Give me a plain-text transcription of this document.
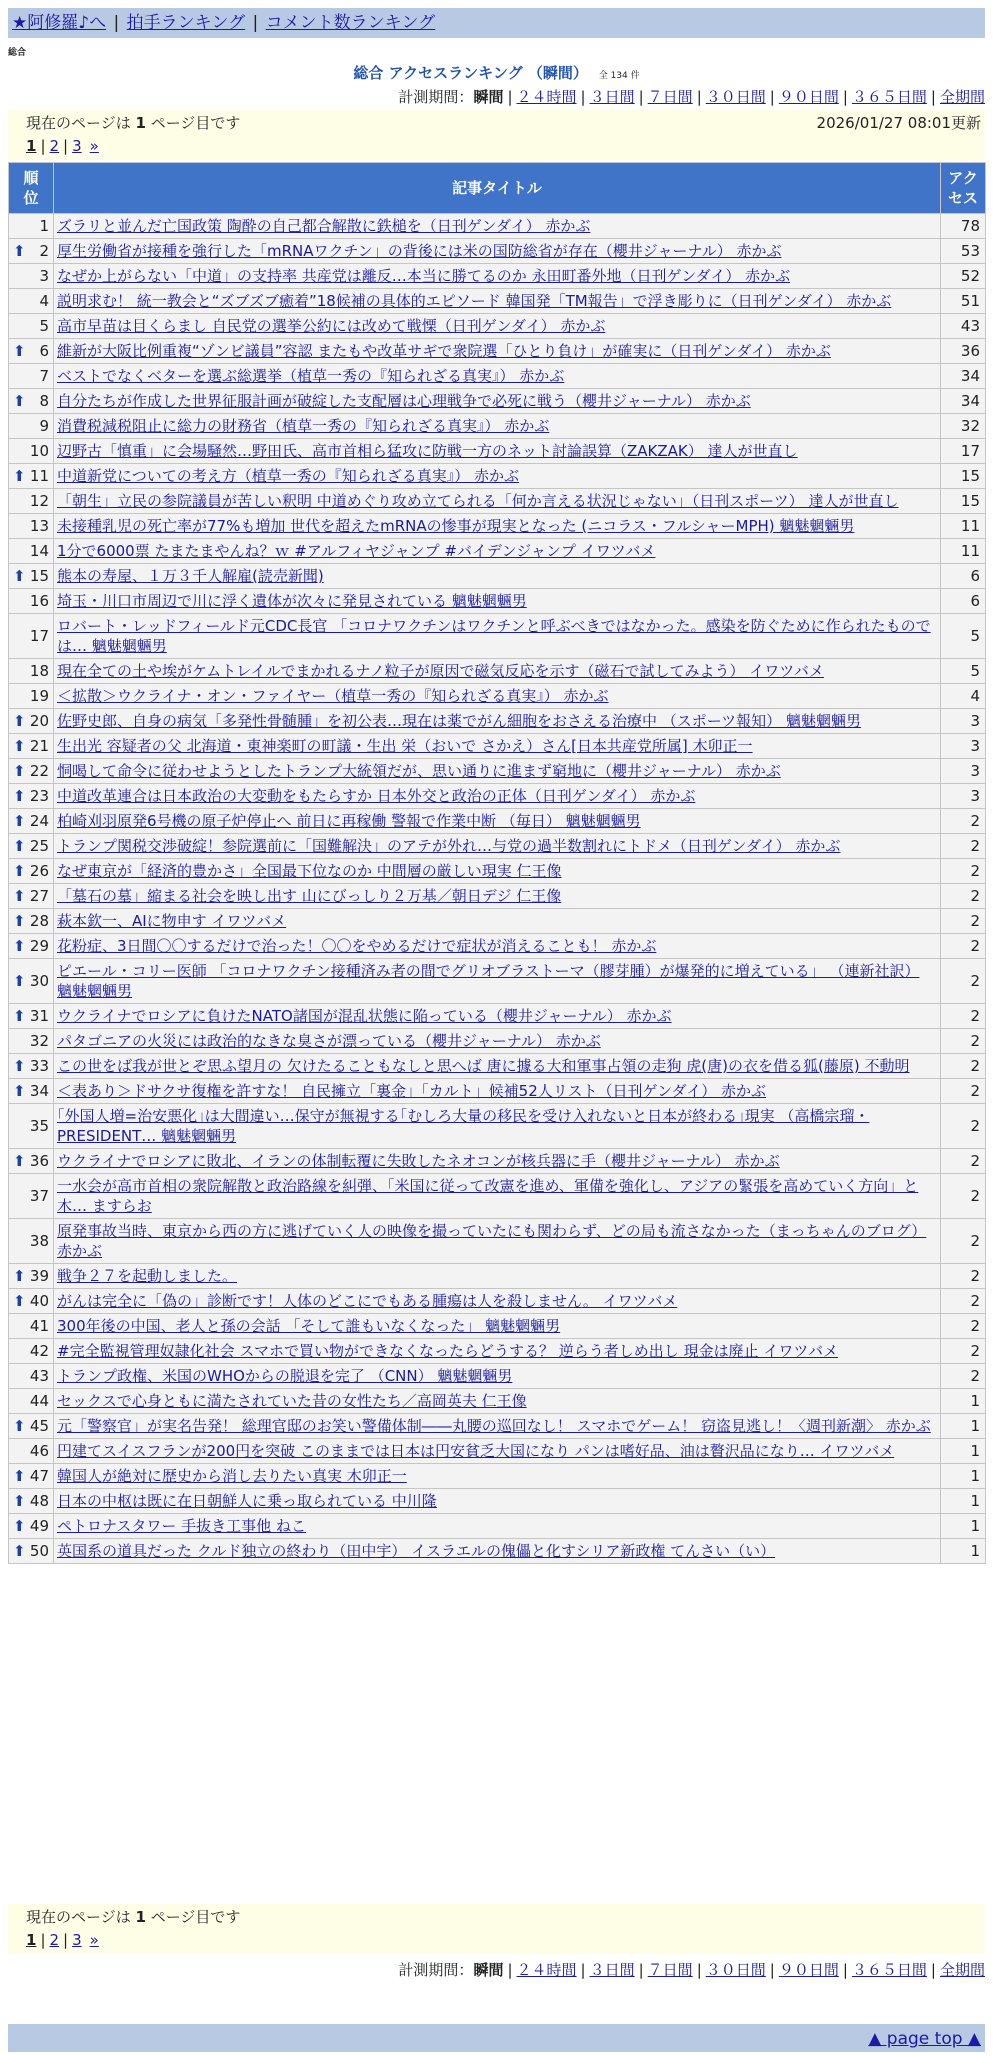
★阿修羅♪へ | 拍手ランキング | コメント数ランキング
総合
総合 アクセスランキング （瞬間） 全 134 件
計測期間：瞬間 | ２４時間 | ３日間 | ７日間 | ３０日間 | ９０日間 | ３６５日間 | 全期間
現在のページは 1 ページ目です	2026/01/27 08:01更新
1 | 2 | 3 »
順位	記事タイトル	アクセス
1	ズラリと並んだ亡国政策 陶酔の自己都合解散に鉄槌を（日刊ゲンダイ） 赤かぶ	78

⬆ 2	厚生労働省が接種を強行した「mRNAワクチン」の背後には米の国防総省が存在（櫻井ジャーナル） 赤かぶ	53
3	なぜか上がらない「中道」の支持率 共産党は離反…本当に勝てるのか 永田町番外地（日刊ゲンダイ） 赤かぶ	52
4	説明求む！ 統一教会と“ズブズブ癒着”18候補の具体的エピソード 韓国発「TM報告」で浮き彫りに（日刊ゲンダイ） 赤かぶ	51
5	高市早苗は目くらまし 自民党の選挙公約には改めて戦慄（日刊ゲンダイ） 赤かぶ	43

⬆ 6	維新が大阪比例重複“ゾンビ議員”容認 またもや改革サギで衆院選「ひとり負け」が確実に（日刊ゲンダイ） 赤かぶ	36
7	ベストでなくベターを選ぶ総選挙（植草一秀の『知られざる真実』） 赤かぶ	34

⬆ 8	自分たちが作成した世界征服計画が破綻した支配層は心理戦争で必死に戦う（櫻井ジャーナル） 赤かぶ	34
9	消費税減税阻止に総力の財務省（植草一秀の『知られざる真実』） 赤かぶ	32
10	辺野古「慎重」に会場騒然…野田氏、高市首相ら猛攻に防戦一方のネット討論誤算（ZAKZAK） 達人が世直し	17

⬆ 11	中道新党についての考え方（植草一秀の『知られざる真実』） 赤かぶ	15
12	「朝生」立民の参院議員が苦しい釈明 中道めぐり攻め立てられる「何か言える状況じゃない」（日刊スポーツ） 達人が世直し	15
13	未接種乳児の死亡率が77%も増加 世代を超えたmRNAの惨事が現実となった (ニコラス・フルシャーMPH) 魑魅魍魎男	11
14	1分で6000票 たまたまやんね？ｗ #アルフィヤジャンプ #バイデンジャンプ イワツバメ	11

⬆ 15	熊本の寿屋、１万３千人解雇(読売新聞)	6
16	埼玉・川口市周辺で川に浮く遺体が次々に発見されている 魑魅魍魎男	6
17	ロバート・レッドフィールド元CDC長官 「コロナワクチンはワクチンと呼ぶべきではなかった。感染を防ぐために作られたものでは… 魑魅魍魎男	5
18	現在全ての土や埃がケムトレイルでまかれるナノ粒子が原因で磁気反応を示す（磁石で試してみよう） イワツバメ	5
19	＜拡散＞ウクライナ・オン・ファイヤー（植草一秀の『知られざる真実』） 赤かぶ	4

⬆ 20	佐野史郎、自身の病気「多発性骨髄腫」を初公表…現在は薬でがん細胞をおさえる治療中 （スポーツ報知） 魑魅魍魎男	3

⬆ 21	生出光 容疑者の父 北海道・東神楽町の町議・生出 栄（おいで さかえ）さん[日本共産党所属] 木卯正一	3

⬆ 22	恫喝して命令に従わせようとしたトランプ大統領だが、思い通りに進まず窮地に（櫻井ジャーナル） 赤かぶ	3

⬆ 23	中道改革連合は日本政治の大変動をもたらすか 日本外交と政治の正体（日刊ゲンダイ） 赤かぶ	3

⬆ 24	柏崎刈羽原発6号機の原子炉停止へ 前日に再稼働 警報で作業中断 （毎日） 魑魅魍魎男	2

⬆ 25	トランプ関税交渉破綻！参院選前に「国難解決」のアテが外れ…与党の過半数割れにトドメ（日刊ゲンダイ） 赤かぶ	2

⬆ 26	なぜ東京が「経済的豊かさ」全国最下位なのか 中間層の厳しい現実 仁王像	2

⬆ 27	「墓石の墓」縮まる社会を映し出す 山にびっしり２万基／朝日デジ 仁王像	2

⬆ 28	萩本欽一、AIに物申す イワツバメ	2

⬆ 29	花粉症、3日間〇〇するだけで治った！〇〇をやめるだけで症状が消えることも！ 赤かぶ	2

⬆ 30	ピエール・コリー医師 「コロナワクチン接種済み者の間でグリオブラストーマ（膠芽腫）が爆発的に増えている」 （連新社訳） 魑魅魍魎男	2

⬆ 31	ウクライナでロシアに負けたNATO諸国が混乱状態に陥っている（櫻井ジャーナル） 赤かぶ	2
32	パタゴニアの火災には政治的なきな臭さが漂っている（櫻井ジャーナル） 赤かぶ	2

⬆ 33	この世をば我が世とぞ思ふ望月の 欠けたることもなしと思へば 唐に據る大和軍事占領の走狗 虎(唐)の衣を借る狐(藤原) 不動明	2

⬆ 34	＜表あり＞ドサクサ復権を許すな！ 自民擁立「裏金」「カルト」候補52人リスト（日刊ゲンダイ） 赤かぶ	2
35	｢外国人増=治安悪化｣は大間違い…保守が無視する｢むしろ大量の移民を受け入れないと日本が終わる｣現実 （高橋宗瑠・PRESIDENT… 魑魅魍魎男	2

⬆ 36	ウクライナでロシアに敗北、イランの体制転覆に失敗したネオコンが核兵器に手（櫻井ジャーナル） 赤かぶ	2
37	一水会が高市首相の衆院解散と政治路線を糾弾、「米国に従って改憲を進め、軍備を強化し、アジアの緊張を高めていく方向」と木… ますらお	2
38	原発事故当時、東京から西の方に逃げていく人の映像を撮っていたにも関わらず、どの局も流さなかった（まっちゃんのブログ） 赤かぶ	2

⬆ 39	戦争２７を起動しました。	2

⬆ 40	がんは完全に「偽の」診断です！人体のどこにでもある腫瘍は人を殺しません。 イワツバメ	2
41	300年後の中国、老人と孫の会話 「そして誰もいなくなった」 魑魅魍魎男	2
42	#完全監視管理奴隷化社会 スマホで買い物ができなくなったらどうする？ 逆らう者しめ出し 現金は廃止 イワツバメ	2
43	トランプ政権、米国のWHOからの脱退を完了 （CNN） 魑魅魍魎男	2
44	セックスで心身ともに満たされていた昔の女性たち／高岡英夫 仁王像	1

⬆ 45	元「警察官」が実名告発！ 総理官邸のお笑い警備体制――丸腰の巡回なし！ スマホでゲーム！ 窃盗見逃し！〈週刊新潮〉 赤かぶ	1
46	円建てスイスフランが200円を突破 このままでは日本は円安貧乏大国になり パンは嗜好品、油は贅沢品になり… イワツバメ	1

⬆ 47	韓国人が絶対に歴史から消し去りたい真実 木卯正一	1

⬆ 48	日本の中枢は既に在日朝鮮人に乗っ取られている 中川隆	1

⬆ 49	ペトロナスタワー 手抜き工事他 ねこ	1

⬆ 50	英国系の道具だった クルド独立の終わり（田中宇） イスラエルの傀儡と化すシリア新政権 てんさい（い）	1
現在のページは 1 ページ目です
1 | 2 | 3 »
計測期間：瞬間 | ２４時間 | ３日間 | ７日間 | ３０日間 | ９０日間 | ３６５日間 | 全期間
▲ page top ▲
